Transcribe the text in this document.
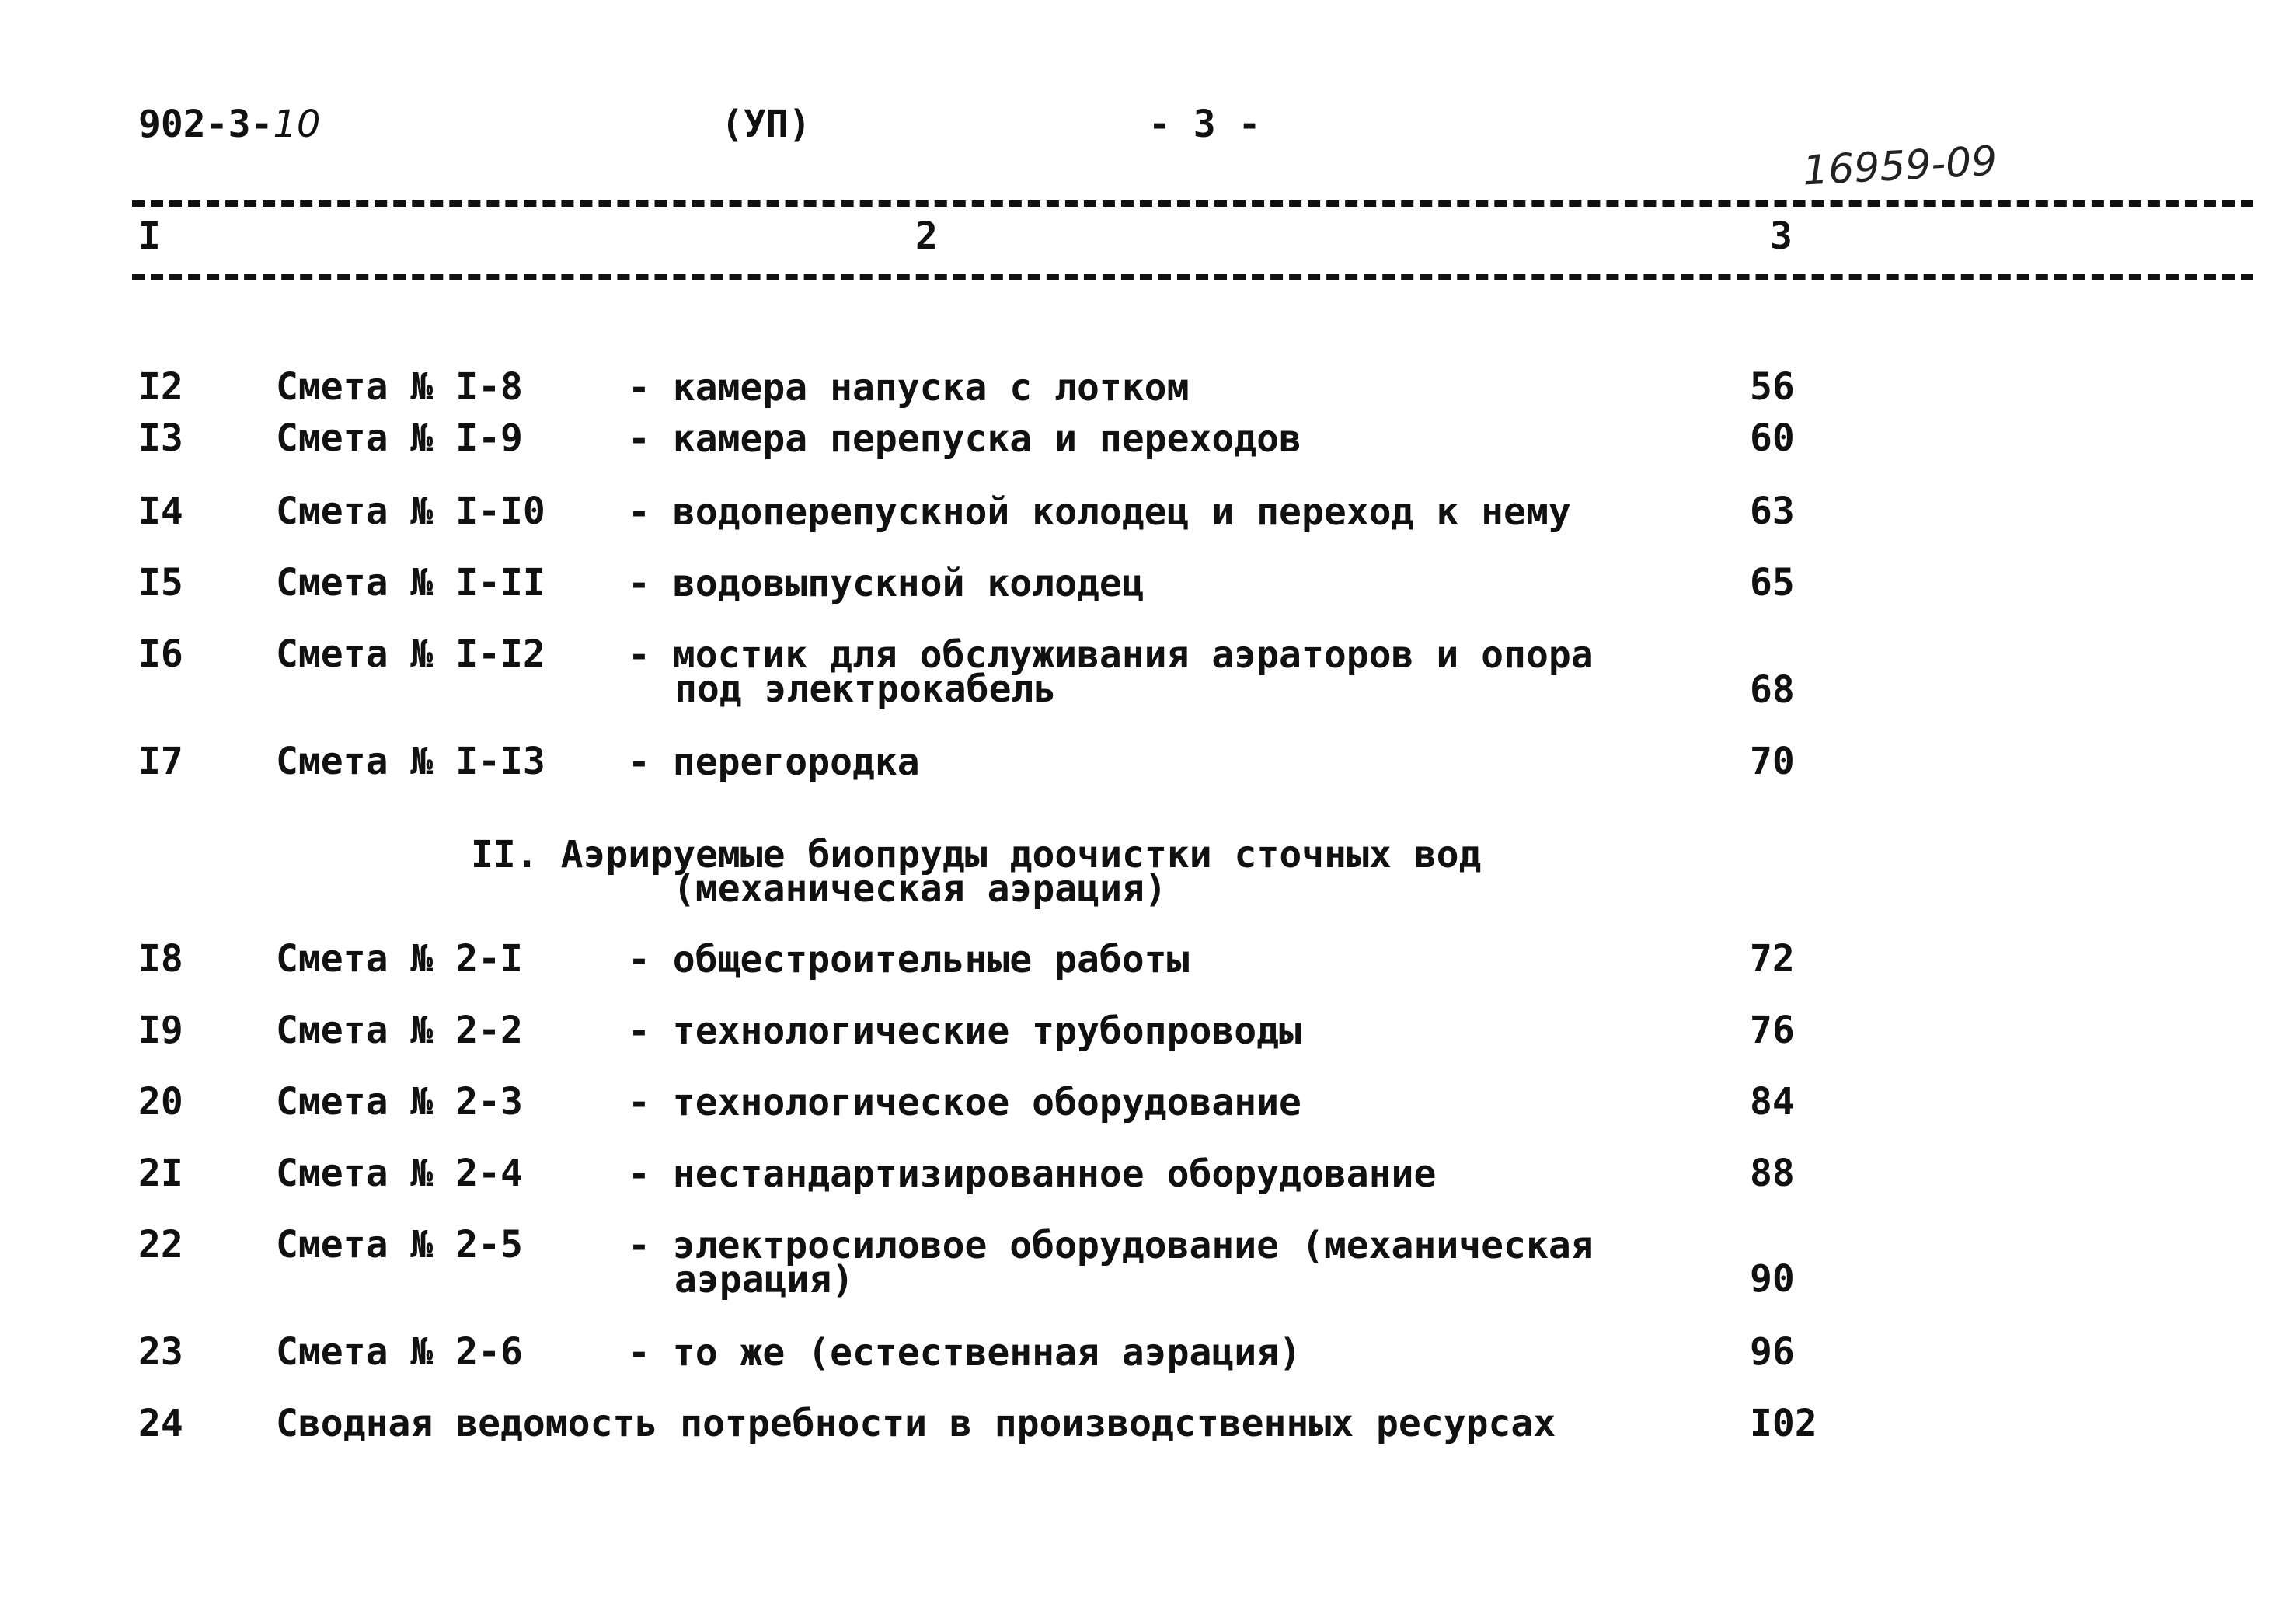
902-3-10	(УП)	- 3 -
16959-09
I	2	3
I2 Смета № I-8	- камера напуска с лотком	56
I3 Смета № I-9	- камера перепуска и переходов	60
I4 Смета № I-I0 - водоперепускной колодец и переход к нему	63
I5 Смета № I-II - водовыпускной колодец	65
I6 Смета № I-I2 - мостик для обслуживания аэраторов и опора
под электрокабель	68
I7 Смета № I-I3 - перегородка	70
II. Аэрируемые биопруды доочистки сточных вод
(механическая аэрация)
I8 Смета № 2-I	- общестроительные работы	72
I9 Смета № 2-2	- технологические трубопроводы	76
20 Смета № 2-3	- технологическое оборудование	84
2I Смета № 2-4	- нестандартизированное оборудование	88
22 Смета № 2-5	- электросиловое оборудование (механическая
аэрация)	90
23 Смета № 2-6	- то же (естественная аэрация)	96
24 Сводная ведомость потребности в производственных ресурсах	I02
